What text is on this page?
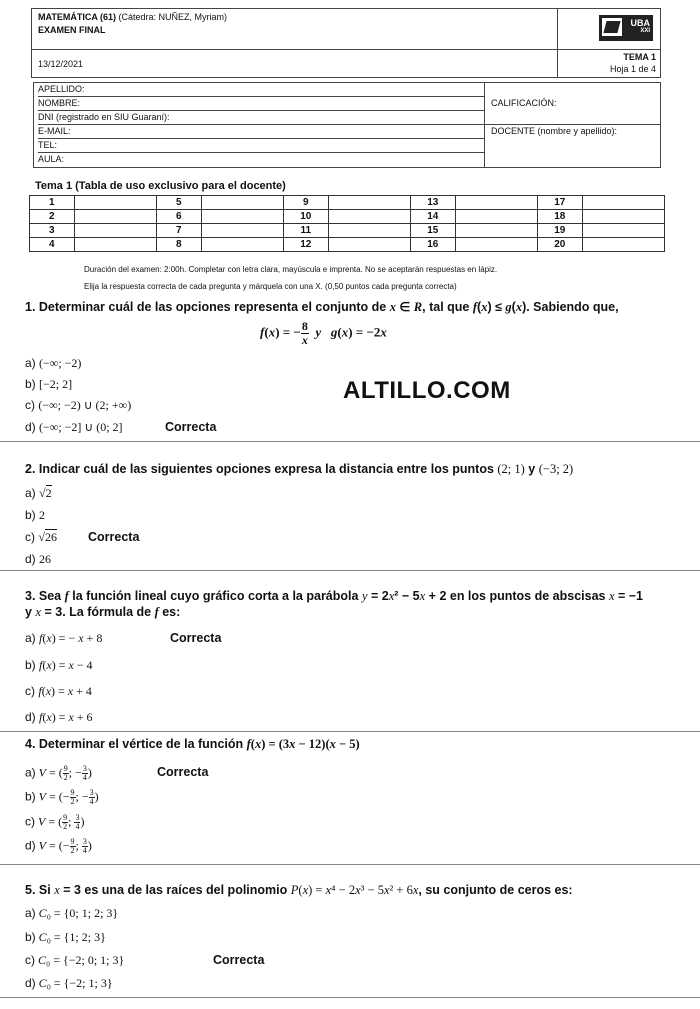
MATEMÁTICA (61) (Cátedra: NUÑEZ, Myriam)
EXAMEN FINAL
13/12/2021
UBA
XXI
TEMA 1
Hoja 1 de 4
APELLIDO:
NOMBRE:
DNI (registrado en SIU Guaraní):
E-MAIL:
TEL:
AULA:
CALIFICACIÓN:
DOCENTE (nombre y apellido):
Tema 1 (Tabla de uso exclusivo para el docente)
1		5		9		13		17	
2		6		10		14		18	
3		7		11		15		19	
4		8		12		16		20	
Duración del examen: 2:00h. Completar con letra clara, mayúscula e imprenta. No se aceptarán respuestas en lápiz.
Elija la respuesta correcta de cada pregunta y márquela con una X. (0,50 puntos cada pregunta correcta)
ALTILLO.COM
1. Determinar cuál de las opciones representa el conjunto de x ∈ R, tal que f(x) ≤ g(x). Sabiendo que,
f(x) = − $\frac{8}{x}$ y g(x) = −2x
a) (−∞; −2)
b) [−2; 2]
c) (−∞; −2) ∪ (2; +∞)
d) (−∞; −2] ∪ (0; 2]	Correcta
2. Indicar cuál de las siguientes opciones expresa la distancia entre los puntos (2; 1) y (−3; 2)
a) √2
b) 2
c) √26 Correcta
d) 26
3. Sea f la función lineal cuyo gráfico corta a la parábola y = 2x² − 5x + 2 en los puntos de abscisas x = −1
y x = 3. La fórmula de f es:
a) f(x) = − x + 8	Correcta
b) f(x) = x − 4
c) f(x) = x + 4
d) f(x) = x + 6
4. Determinar el vértice de la función f(x) = (3x − 12)(x − 5)
a) V = ( $\frac{9}{2}$ ; − $\frac{3}{4}$ )	Correcta
b) V = (− $\frac{9}{2}$ ; − $\frac{3}{4}$ )
c) V = ( $\frac{9}{2}$ ; $\frac{3}{4}$ )
d) V = (− $\frac{9}{2}$ ; $\frac{3}{4}$ )
5. Si x = 3 es una de las raíces del polinomio P(x) = x⁴ − 2x³ − 5x² + 6x, su conjunto de ceros es:
a) C₀ = {0; 1; 2; 3}
b) C₀ = {1; 2; 3}
c) C₀ = {−2; 0; 1; 3}	Correcta
d) C₀ = {−2; 1; 3}
